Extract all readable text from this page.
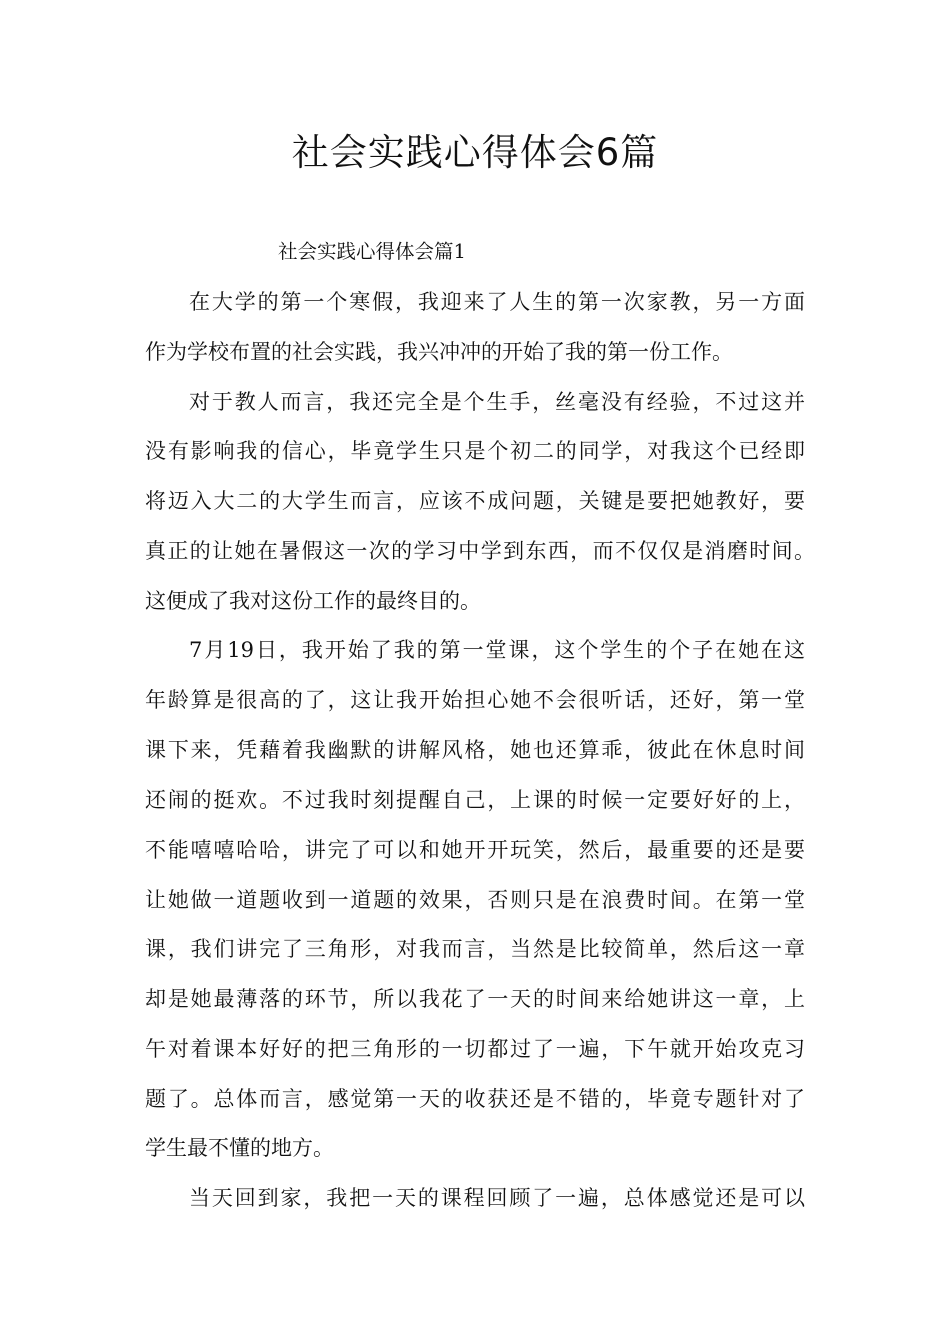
社会实践心得体会6篇
社会实践心得体会篇1
在大学的第一个寒假，我迎来了人生的第一次家教，另一方面
作为学校布置的社会实践，我兴冲冲的开始了我的第一份工作。
对于教人而言，我还完全是个生手，丝毫没有经验，不过这并
没有影响我的信心，毕竟学生只是个初二的同学，对我这个已经即
将迈入大二的大学生而言，应该不成问题，关键是要把她教好，要
真正的让她在暑假这一次的学习中学到东西，而不仅仅是消磨时间。
这便成了我对这份工作的最终目的。
7月19日，我开始了我的第一堂课，这个学生的个子在她在这
年龄算是很高的了，这让我开始担心她不会很听话，还好，第一堂
课下来，凭藉着我幽默的讲解风格，她也还算乖，彼此在休息时间
还闹的挺欢。不过我时刻提醒自己，上课的时候一定要好好的上，
不能嘻嘻哈哈，讲完了可以和她开开玩笑，然后，最重要的还是要
让她做一道题收到一道题的效果，否则只是在浪费时间。在第一堂
课，我们讲完了三角形，对我而言，当然是比较简单，然后这一章
却是她最薄落的环节，所以我花了一天的时间来给她讲这一章，上
午对着课本好好的把三角形的一切都过了一遍，下午就开始攻克习
题了。总体而言，感觉第一天的收获还是不错的，毕竟专题针对了
学生最不懂的地方。
当天回到家，我把一天的课程回顾了一遍，总体感觉还是可以
